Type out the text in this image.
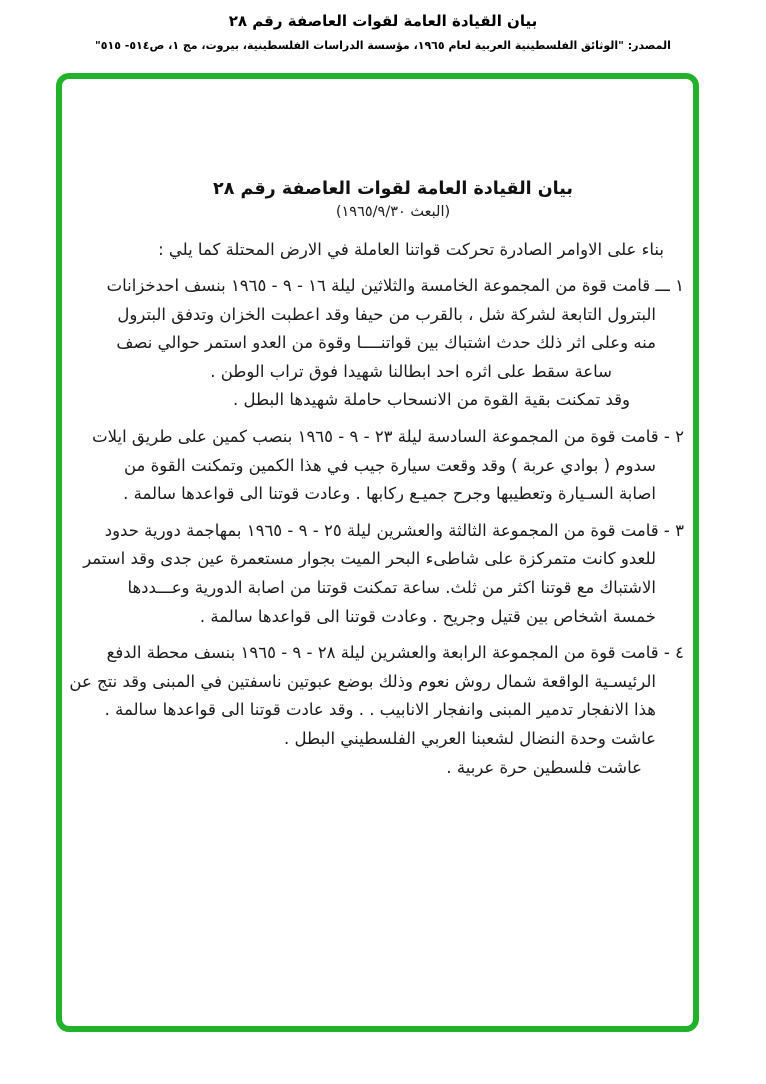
بيان القيادة العامة لقوات العاصفة رقم ٢٨
المصدر: "الوثائق الفلسطينية العربية لعام ١٩٦٥، مؤسسة الدراسات الفلسطينية، بيروت، مج ١، ص٥١٤- ٥١٥"
بيان القيادة العامة لقوات العاصفة رقم ٢٨
(البعث ١٩٦٥/٩/٣٠)
بناء على الاوامر الصادرة تحركت قواتنا العاملة في الارض المحتلة كما يلي :
١ ـــ قامت قوة من المجموعة الخامسة والثلاثين ليلة ١٦ - ٩ - ١٩٦٥ بنسف احدخزانات
البترول التابعة لشركة شل ، بالقرب من حيفا وقد اعطبت الخزان وتدفق البترول
منه وعلى اثر ذلك حدث اشتباك بين قواتنــــا وقوة من العدو استمر حوالي نصف
ساعة سقط على اثره احد ابطالنا شهيدا فوق تراب الوطن .
وقد تمكنت بقية القوة من الانسحاب حاملة شهيدها البطل .
٢ - قامت قوة من المجموعة السادسة ليلة ٢٣ - ٩ - ١٩٦٥ بنصب كمين على طريق ايلات
سدوم ( بوادي عربة ) وقد وقعت سيارة جيب في هذا الكمين وتمكنت القوة من
اصابة السـيارة وتعطيبها وجرح جميـع ركابها . وعادت قوتنا الى قواعدها سالمة .
٣ - قامت قوة من المجموعة الثالثة والعشرين ليلة ٢٥ - ٩ - ١٩٦٥ بمهاجمة دورية حدود
للعدو كانت متمركزة على شاطىء البحر الميت بجوار مستعمرة عين جدى وقد استمر
الاشتباك مع قوتنا اكثر من ثلث. ساعة تمكنت قوتنا من اصابة الدورية وعـــددها
خمسة اشخاص بين قتيل وجريح . وعادت قوتنا الى قواعدها سالمة .
٤ - قامت قوة من المجموعة الرابعة والعشرين ليلة ٢٨ - ٩ - ١٩٦٥ بنسف محطة الدفع
الرئيسـية الواقعة شمال روش نعوم وذلك بوضع عبوتين ناسفتين في المبنى وقد نتج عن
هذا الانفجار تدمير المبنى وانفجار الانابيب . . وقد عادت قوتنا الى قواعدها سالمة .
عاشت وحدة النضال لشعبنا العربي الفلسطيني البطل .
عاشت فلسطين حرة عربية .
